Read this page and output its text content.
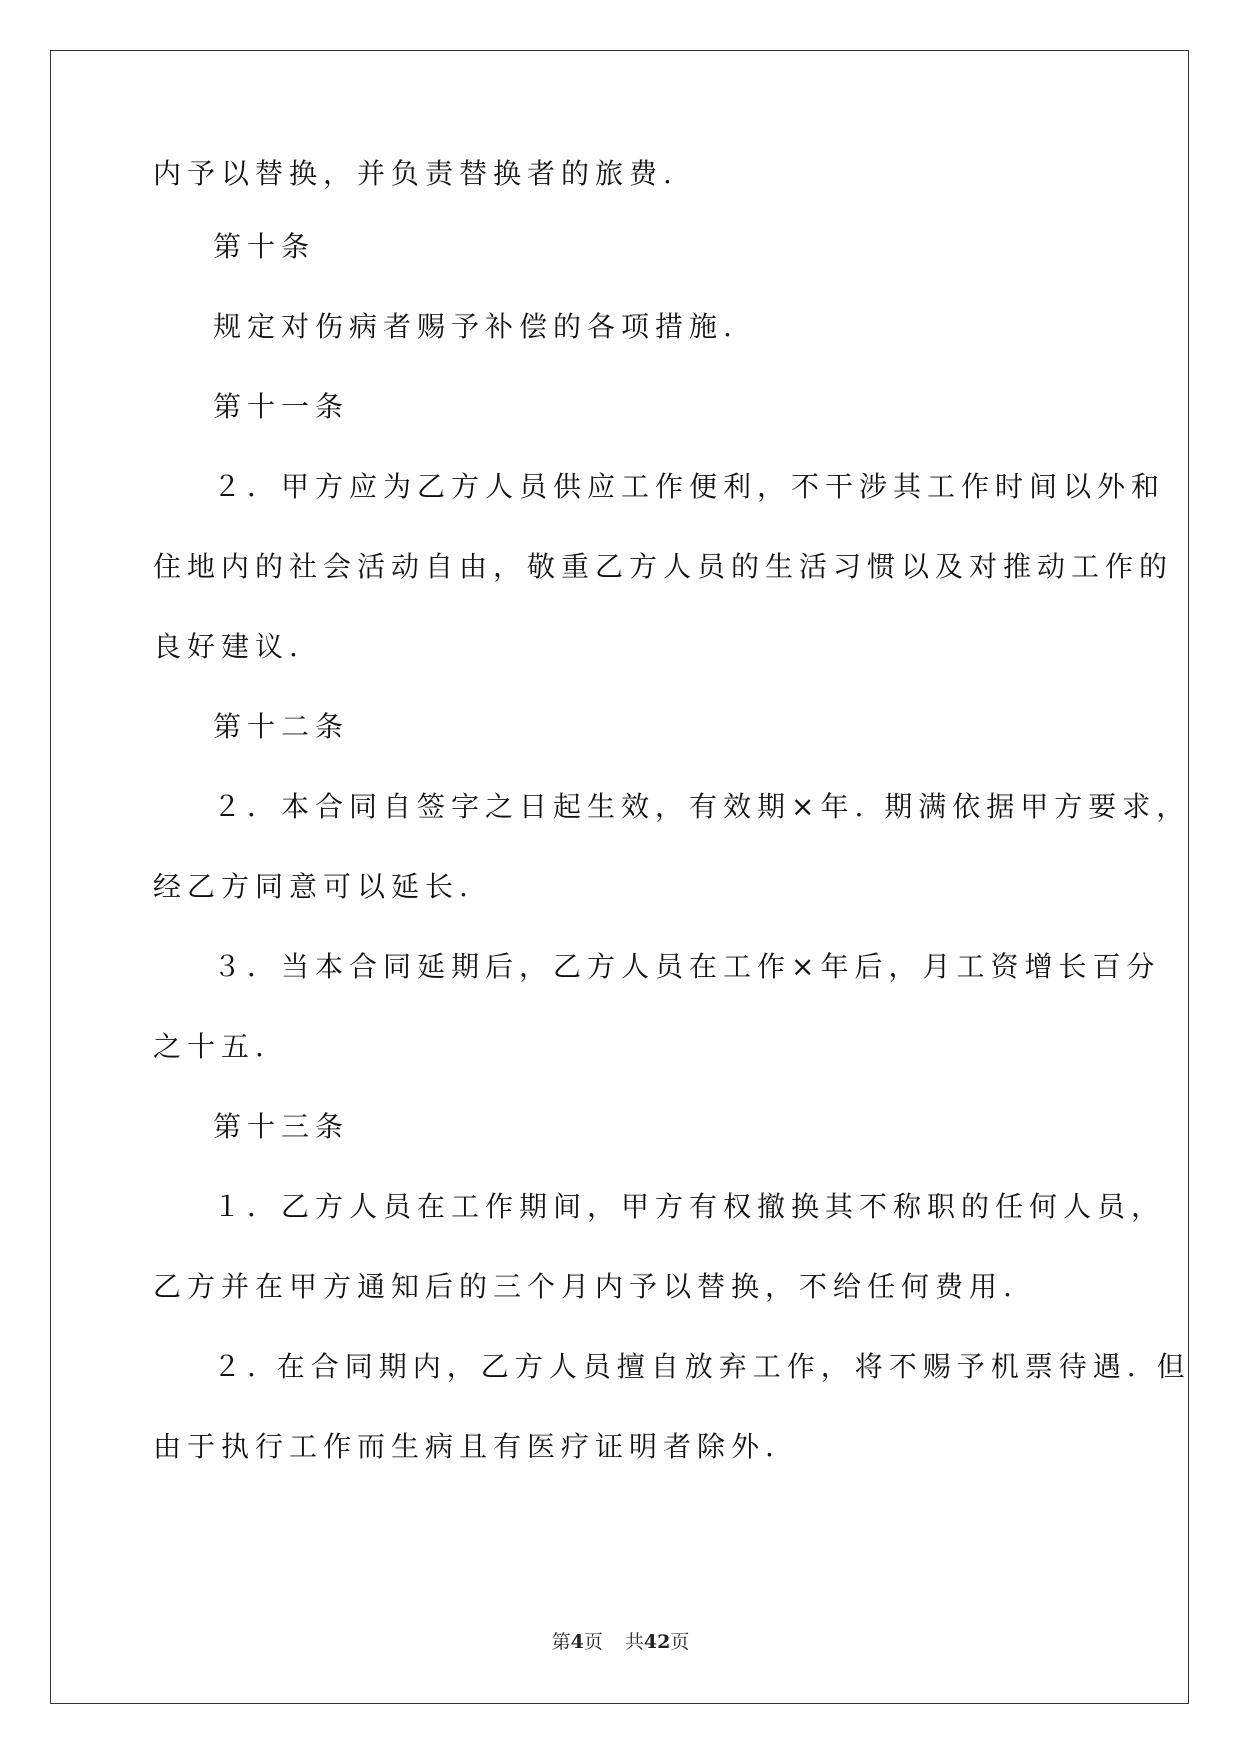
内予以替换，并负责替换者的旅费.
第十条
规定对伤病者赐予补偿的各项措施.
第十一条
２．甲方应为乙方人员供应工作便利，不干涉其工作时间以外和
住地内的社会活动自由，敬重乙方人员的生活习惯以及对推动工作的
良好建议.
第十二条
２．本合同自签字之日起生效，有效期×年. 期满依据甲方要求，
经乙方同意可以延长.
３．当本合同延期后，乙方人员在工作×年后，月工资增长百分
之十五.
第十三条
１．乙方人员在工作期间，甲方有权撤换其不称职的任何人员，
乙方并在甲方通知后的三个月内予以替换，不给任何费用.
２. 在合同期内，乙方人员擅自放弃工作，将不赐予机票待遇. 但
由于执行工作而生病且有医疗证明者除外.
第4页 共42页
